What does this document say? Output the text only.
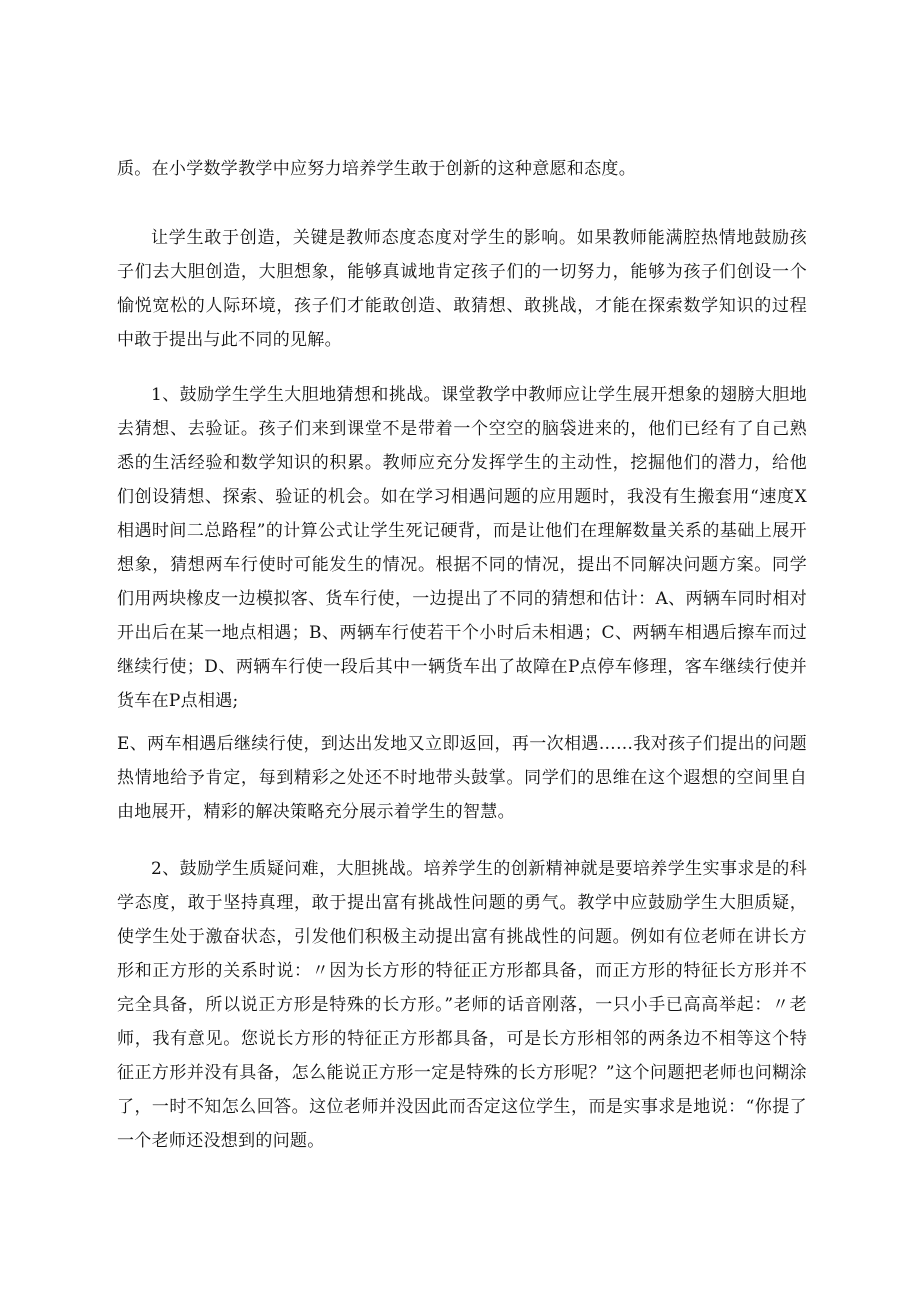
质。在小学数学教学中应努力培养学生敢于创新的这种意愿和态度。

让学生敢于创造，关键是教师态度态度对学生的影响。如果教师能满腔热情地鼓励孩子们去大胆创造，大胆想象，能够真诚地肯定孩子们的一切努力，能够为孩子们创设一个愉悦宽松的人际环境，孩子们才能敢创造、敢猜想、敢挑战，才能在探索数学知识的过程中敢于提出与此不同的见解。

1、鼓励学生学生大胆地猜想和挑战。课堂教学中教师应让学生展开想象的翅膀大胆地去猜想、去验证。孩子们来到课堂不是带着一个空空的脑袋进来的，他们已经有了自己熟悉的生活经验和数学知识的积累。教师应充分发挥学生的主动性，挖掘他们的潜力，给他们创设猜想、探索、验证的机会。如在学习相遇问题的应用题时，我没有生搬套用“速度X相遇时间二总路程”的计算公式让学生死记硬背，而是让他们在理解数量关系的基础上展开想象，猜想两车行使时可能发生的情况。根据不同的情况，提出不同解决问题方案。同学们用两块橡皮一边模拟客、货车行使，一边提出了不同的猜想和估计：A、两辆车同时相对开出后在某一地点相遇；B、两辆车行使若干个小时后未相遇；C、两辆车相遇后擦车而过继续行使；D、两辆车行使一段后其中一辆货车出了故障在P点停车修理，客车继续行使并货车在P点相遇;

E、两车相遇后继续行使，到达出发地又立即返回，再一次相遇……我对孩子们提出的问题热情地给予肯定，每到精彩之处还不时地带头鼓掌。同学们的思维在这个遐想的空间里自由地展开，精彩的解决策略充分展示着学生的智慧。

2、鼓励学生质疑问难，大胆挑战。培养学生的创新精神就是要培养学生实事求是的科学态度，敢于坚持真理，敢于提出富有挑战性问题的勇气。教学中应鼓励学生大胆质疑，使学生处于激奋状态，引发他们积极主动提出富有挑战性的问题。例如有位老师在讲长方形和正方形的关系时说：〃因为长方形的特征正方形都具备，而正方形的特征长方形并不完全具备，所以说正方形是特殊的长方形。”老师的话音刚落，一只小手已高高举起：〃老师，我有意见。您说长方形的特征正方形都具备，可是长方形相邻的两条边不相等这个特征正方形并没有具备，怎么能说正方形一定是特殊的长方形呢？”这个问题把老师也问糊涂了，一时不知怎么回答。这位老师并没因此而否定这位学生，而是实事求是地说：“你提了一个老师还没想到的问题。
